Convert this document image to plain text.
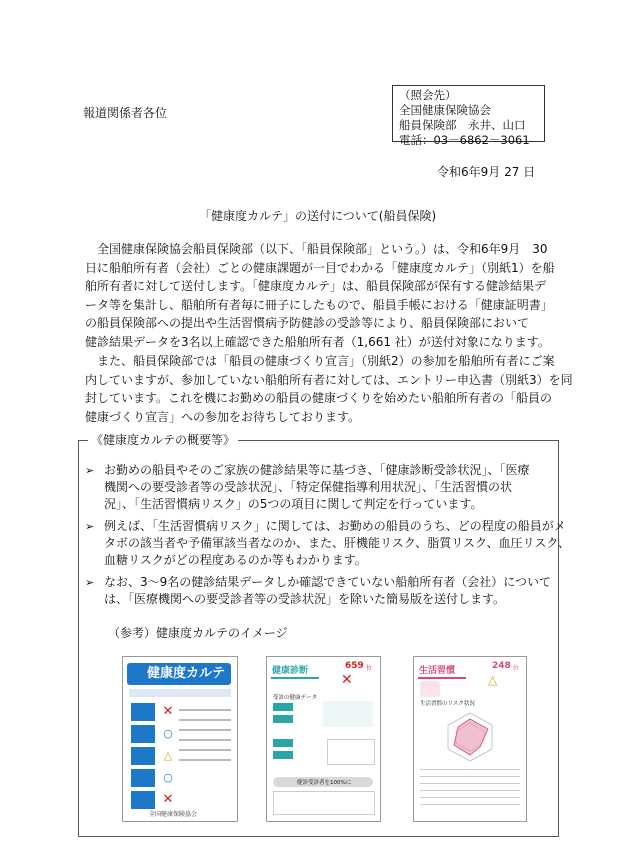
報道関係者各位
（照会先）
全国健康保険協会
船員保険部　永井、山口
電話：03－6862－3061
令和6年9月 27 日
「健康度カルテ」の送付について(船員保険)
全国健康保険協会船員保険部（以下、「船員保険部」という。）は、令和6年9月　30
日に船舶所有者（会社）ごとの健康課題が一目でわかる「健康度カルテ」（別紙1）を船
舶所有者に対して送付します。「健康度カルテ」は、船員保険部が保有する健診結果デ
ータ等を集計し、船舶所有者毎に冊子にしたもので、船員手帳における「健康証明書」
の船員保険部への提出や生活習慣病予防健診の受診等により、船員保険部において
健診結果データを3名以上確認できた船舶所有者（1,661 社）が送付対象になります。
また、船員保険部では「船員の健康づくり宣言」（別紙2）の参加を船舶所有者にご案
内していますが、参加していない船舶所有者に対しては、エントリー申込書（別紙3）を同
封しています。これを機にお勤めの船員の健康づくりを始めたい船舶所有者の「船員の
健康づくり宣言」への参加をお待ちしております。
《健康度カルテの概要等》
➢ お勤めの船員やそのご家族の健診結果等に基づき、「健康診断受診状況」、「医療
機関への要受診者等の受診状況」、「特定保健指導利用状況」、「生活習慣の状
況」、「生活習慣病リスク」の5つの項目に関して判定を行っています。
➢ 例えば、「生活習慣病リスク」に関しては、お勤めの船員のうち、どの程度の船員がメ
タボの該当者や予備軍該当者なのか、また、肝機能リスク、脂質リスク、血圧リスク、
血糖リスクがどの程度あるのか等もわかります。
➢ なお、3～9名の健診結果データしか確認できていない船舶所有者（会社）について
は、「医療機関への要受診者等の受診状況」を除いた簡易版を送付します。
（参考）健康度カルテのイメージ
健康度カルテ
✕
○
△
○
✕
全国健康保険協会
健康診断	659 位
✕
受診の健康データ
健診受診者を100%に
生活習慣	248 位
△
生活習慣のリスク状況
